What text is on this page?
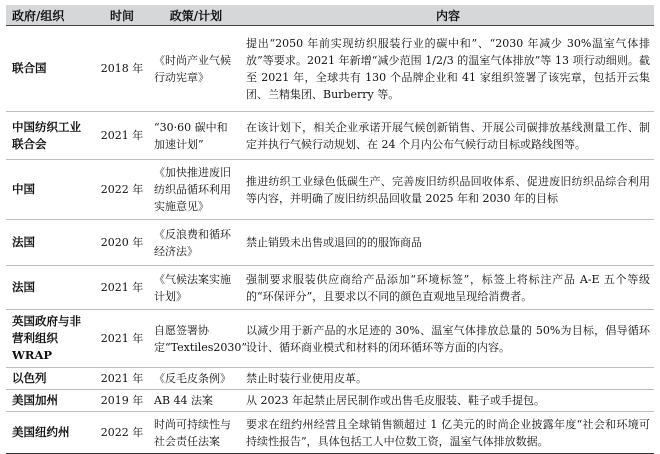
政府/组织	时间	政策/计划	内容
联合国	2018 年	《时尚产业气候行动宪章》	提出“2050 年前实现纺织服装行业的碳中和”、“2030 年减少 30%温室气体排放”等要求。2021 年新增“减少范围 1/2/3 的温室气体排放”等 13 项行动细则。截至 2021 年，全球共有 130 个品牌企业和 41 家组织签署了该宪章，包括开云集团、兰精集团、Burberry 等。
中国纺织工业联合会	2021 年	“30·60 碳中和加速计划”	在该计划下，相关企业承诺开展气候创新销售、开展公司碳排放基线测量工作、制定并执行气候行动规划、在 24 个月内公布气候行动目标或路线图等。
中国	2022 年	《加快推进废旧纺织品循环利用实施意见》	推进纺织工业绿色低碳生产、完善废旧纺织品回收体系、促进废旧纺织品综合利用等内容，并明确了废旧纺织品回收量 2025 年和 2030 年的目标
法国	2020 年	《反浪费和循环经济法》	禁止销毁未出售或退回的的服饰商品
法国	2021 年	《气候法案实施计划》	强制要求服装供应商给产品添加“环境标签”，标签上将标注产品 A-E 五个等级的“环保评分”，且要求以不同的颜色直观地呈现给消费者。
英国政府与非营利组织 WRAP	2021 年	自愿签署协定“Textiles2030”	以减少用于新产品的水足迹的 30%、温室气体排放总量的 50%为目标，倡导循环设计、循环商业模式和材料的闭环循环等方面的内容。
以色列	2021 年	《反毛皮条例》	禁止时装行业使用皮革。
美国加州	2019 年	AB 44 法案	从 2023 年起禁止居民制作或出售毛皮服装、鞋子或手提包。
美国纽约州	2022 年	时尚可持续性与社会责任法案	要求在纽约州经营且全球销售额超过 1 亿美元的时尚企业披露年度“社会和环境可持续性报告”，具体包括工人中位数工资，温室气体排放数据。
